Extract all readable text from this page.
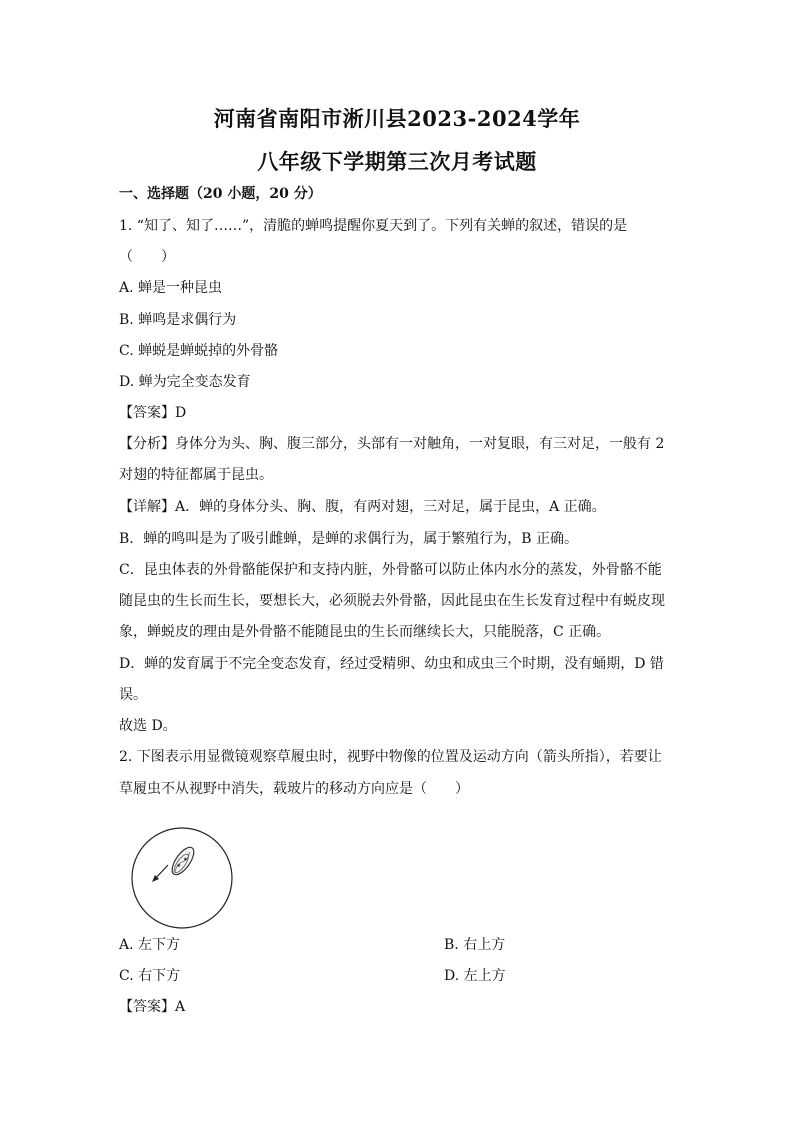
河南省南阳市淅川县2023-2024学年
八年级下学期第三次月考试题
一、选择题（20 小题，20 分）
1. “知了、知了……”，清脆的蝉鸣提醒你夏天到了。下列有关蝉的叙述，错误的是
（　　）
A. 蝉是一种昆虫
B. 蝉鸣是求偶行为
C. 蝉蜕是蝉蜕掉的外骨骼
D. 蝉为完全变态发育
【答案】D
【分析】身体分为头、胸、腹三部分，头部有一对触角，一对复眼，有三对足，一般有 2
对翅的特征都属于昆虫。
【详解】A．蝉的身体分头、胸、腹，有两对翅，三对足，属于昆虫，A 正确。
B．蝉的鸣叫是为了吸引雌蝉，是蝉的求偶行为，属于繁殖行为，B 正确。
C．昆虫体表的外骨骼能保护和支持内脏，外骨骼可以防止体内水分的蒸发，外骨骼不能
随昆虫的生长而生长，要想长大，必须脱去外骨骼，因此昆虫在生长发育过程中有蜕皮现
象，蝉蜕皮的理由是外骨骼不能随昆虫的生长而继续长大，只能脱落，C 正确。
D．蝉的发育属于不完全变态发育，经过受精卵、幼虫和成虫三个时期，没有蛹期，D 错
误。
故选 D。
2. 下图表示用显微镜观察草履虫时，视野中物像的位置及运动方向（箭头所指），若要让
草履虫不从视野中消失，载玻片的移动方向应是（　　）
A. 左下方	B. 右上方
C. 右下方	D. 左上方
【答案】A
